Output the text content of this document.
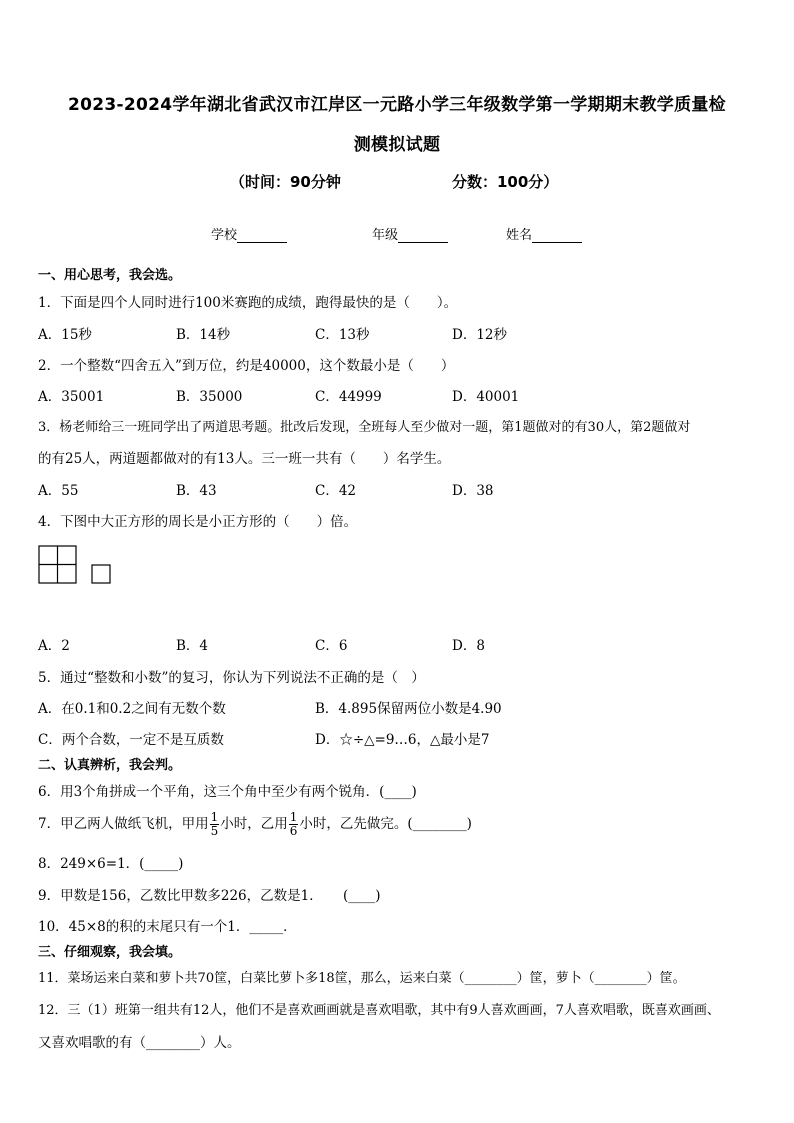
2023-2024学年湖北省武汉市江岸区一元路小学三年级数学第一学期期末教学质量检
测模拟试题
（时间：90分钟	分数：100分）
学校	年级	姓名
一、用心思考，我会选。
1．下面是四个人同时进行100米赛跑的成绩，跑得最快的是（　　）。
A．15秒	B．14秒	C．13秒	D．12秒
2．一个整数“四舍五入”到万位，约是40000，这个数最小是（　　）
A．35001	B．35000	C．44999	D．40001
3．杨老师给三一班同学出了两道思考题。批改后发现，全班每人至少做对一题，第1题做对的有30人，第2题做对
的有25人，两道题都做对的有13人。三一班一共有（　　）名学生。
A．55	B．43	C．42	D．38
4．下图中大正方形的周长是小正方形的（　　）倍。
A．2	B．4	C．6	D．8
5．通过“整数和小数”的复习，你认为下列说法不正确的是（　）
A．在0.1和0.2之间有无数个数	B．4.895保留两位小数是4.90
C．两个合数，一定不是互质数	D．☆÷△=9…6，△最小是7
二、认真辨析，我会判。
6．用3个角拼成一个平角，这三个角中至少有两个锐角．(____)
7．甲乙两人做纸飞机，甲用 $\frac{1}{5}$ 小时，乙用 $\frac{1}{6}$ 小时，乙先做完。(________)
8．249×6=1．(_____)
9．甲数是156，乙数比甲数多226，乙数是1．　　(____)
10．45×8的积的末尾只有一个1．_____．
三、仔细观察，我会填。
11．菜场运来白菜和萝卜共70筐，白菜比萝卜多18筐，那么，运来白菜（________）筐，萝卜（________）筐。
12．三（1）班第一组共有12人，他们不是喜欢画画就是喜欢唱歌，其中有9人喜欢画画，7人喜欢唱歌，既喜欢画画、
又喜欢唱歌的有（________）人。
